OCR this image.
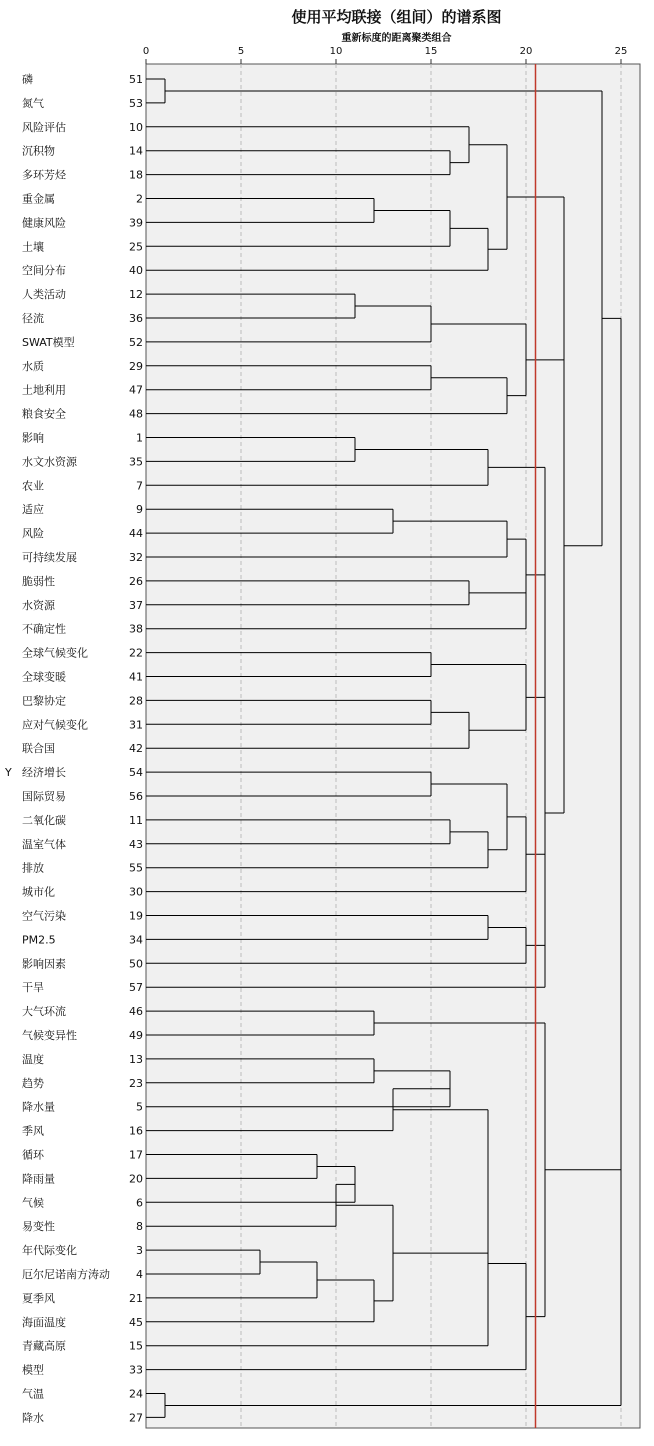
使用平均联接（组间）的谱系图
重新标度的距离聚类组合
0	5	10	15	20	25
磷	51
氮气	53
风险评估	10
沉积物	14
多环芳烃	18
重金属	2
健康风险	39
土壤	25
空间分布	40
人类活动	12
径流	36
SWAT模型	52
水质	29
土地利用	47
粮食安全	48
影响	1
水文水资源	35
农业	7
适应	9
风险	44
可持续发展	32
脆弱性	26
水资源	37
不确定性	38
全球气候变化	22
全球变暖	41
巴黎协定	28
应对气候变化	31
联合国	42
经济增长	54
国际贸易	56
二氧化碳	11
温室气体	43
排放	55
城市化	30
空气污染	19
PM2.5	34
影响因素	50
干旱	57
大气环流	46
气候变异性	49
温度	13
趋势	23
降水量	5
季风	16
循环	17
降雨量	20
气候	6
易变性	8
年代际变化	3
厄尔尼诺南方涛动 4
夏季风	21
海面温度	45
青藏高原	15
模型	33
气温	24
降水	27
Y
